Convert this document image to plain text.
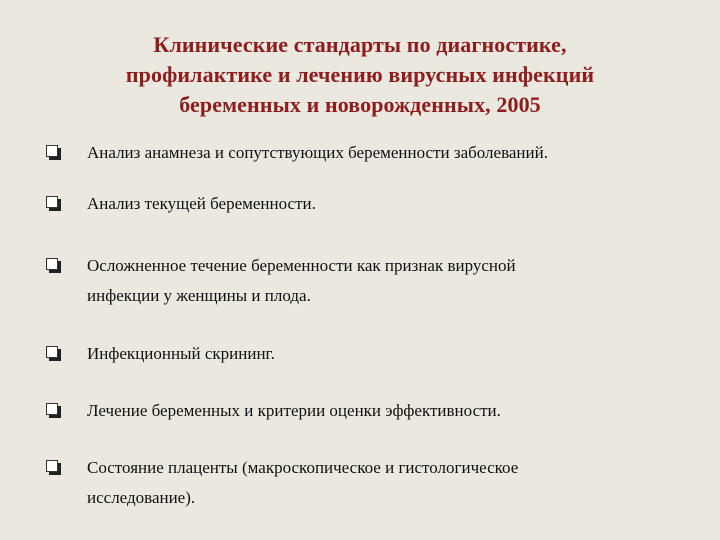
Клинические стандарты по диагностике,
профилактике и лечению вирусных инфекций
беременных и новорожденных, 2005
Анализ анамнеза и сопутствующих беременности заболеваний.
Анализ текущей беременности.
Осложненное течение беременности как признак вирусной
инфекции у женщины и плода.
Инфекционный скрининг.
Лечение беременных и критерии оценки эффективности.
Состояние плаценты (макроскопическое и гистологическое
исследование).
